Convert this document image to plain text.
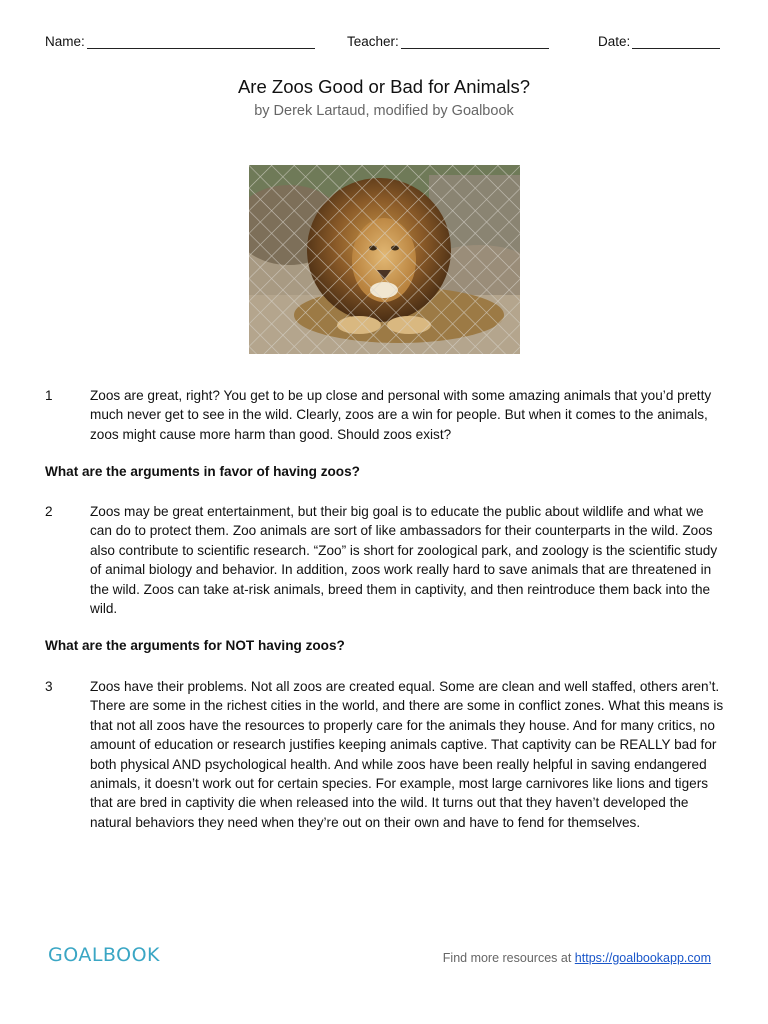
Name:	Teacher:	Date:
Are Zoos Good or Bad for Animals?
by Derek Lartaud, modified by Goalbook
1	Zoos are great, right? You get to be up close and personal with some amazing animals that you’d pretty much never get to see in the wild. Clearly, zoos are a win for people. But when it comes to the animals, zoos might cause more harm than good. Should zoos exist?
What are the arguments in favor of having zoos?
2	Zoos may be great entertainment, but their big goal is to educate the public about wildlife and what we can do to protect them. Zoo animals are sort of like ambassadors for their counterparts in the wild. Zoos also contribute to scientific research. “Zoo” is short for zoological park, and zoology is the scientific study of animal biology and behavior. In addition, zoos work really hard to save animals that are threatened in the wild. Zoos can take at-risk animals, breed them in captivity, and then reintroduce them back into the wild.
What are the arguments for NOT having zoos?
3	Zoos have their problems. Not all zoos are created equal. Some are clean and well staffed, others aren’t. There are some in the richest cities in the world, and there are some in conflict zones. What this means is that not all zoos have the resources to properly care for the animals they house. And for many critics, no amount of education or research justifies keeping animals captive. That captivity can be REALLY bad for both physical AND psychological health. And while zoos have been really helpful in saving endangered animals, it doesn’t work out for certain species. For example, most large carnivores like lions and tigers that are bred in captivity die when released into the wild. It turns out that they haven’t developed the natural behaviors they need when they’re out on their own and have to fend for themselves.
GOALBOOK	Find more resources at https://goalbookapp.com
